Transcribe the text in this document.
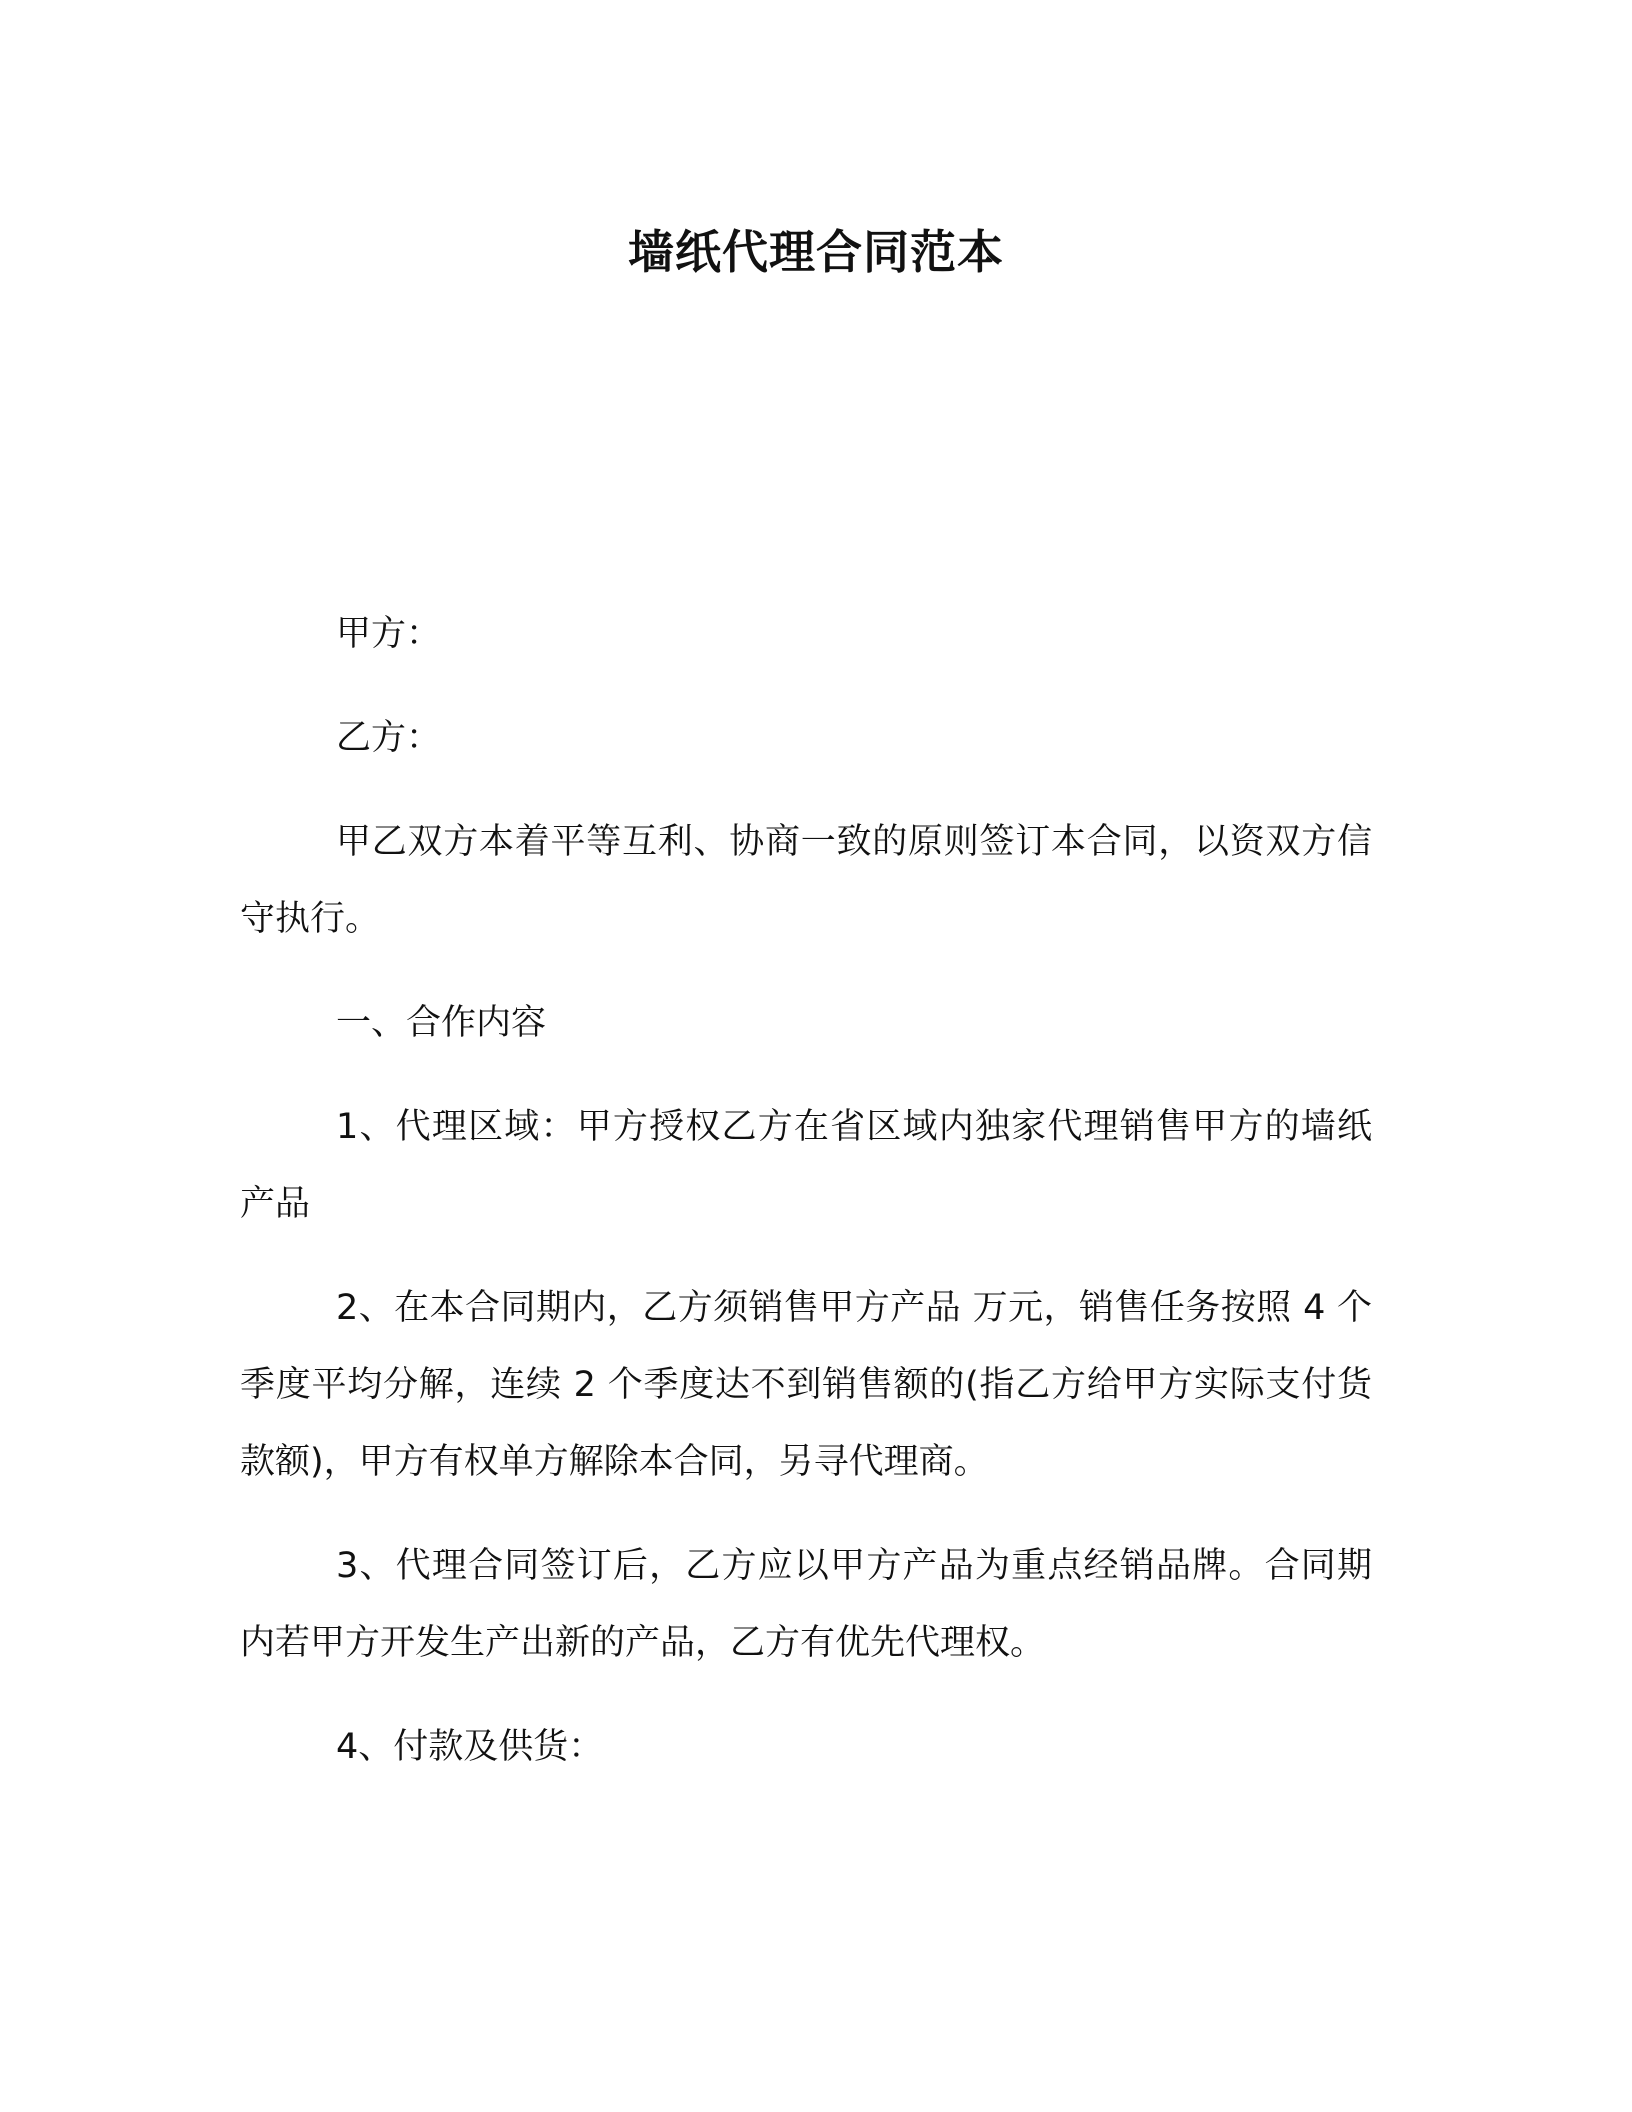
墙纸代理合同范本

甲方：

乙方：

甲乙双方本着平等互利、协商一致的原则签订本合同，以资双方信守执行。

一、合作内容

1、代理区域：甲方授权乙方在省区域内独家代理销售甲方的墙纸产品

2、在本合同期内，乙方须销售甲方产品 万元，销售任务按照 4 个季度平均分解，连续 2 个季度达不到销售额的(指乙方给甲方实际支付货款额)，甲方有权单方解除本合同，另寻代理商。

3、代理合同签订后，乙方应以甲方产品为重点经销品牌。合同期内若甲方开发生产出新的产品，乙方有优先代理权。

4、付款及供货：
